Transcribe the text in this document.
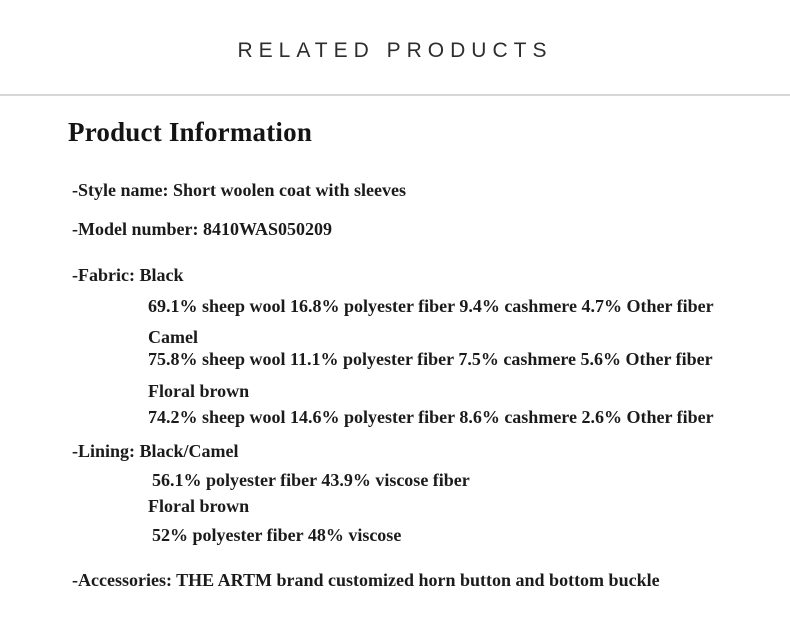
RELATED PRODUCTS
Product Information
-Style name: Short woolen coat with sleeves
-Model number: 8410WAS050209
-Fabric: Black
69.1% sheep wool 16.8% polyester fiber 9.4% cashmere 4.7% Other fiber
Camel
75.8% sheep wool 11.1% polyester fiber 7.5% cashmere 5.6% Other fiber
Floral brown
74.2% sheep wool 14.6% polyester fiber 8.6% cashmere 2.6% Other fiber
-Lining: Black/Camel
56.1% polyester fiber 43.9% viscose fiber
Floral brown
52% polyester fiber 48% viscose
-Accessories: THE ARTM brand customized horn button and bottom buckle
